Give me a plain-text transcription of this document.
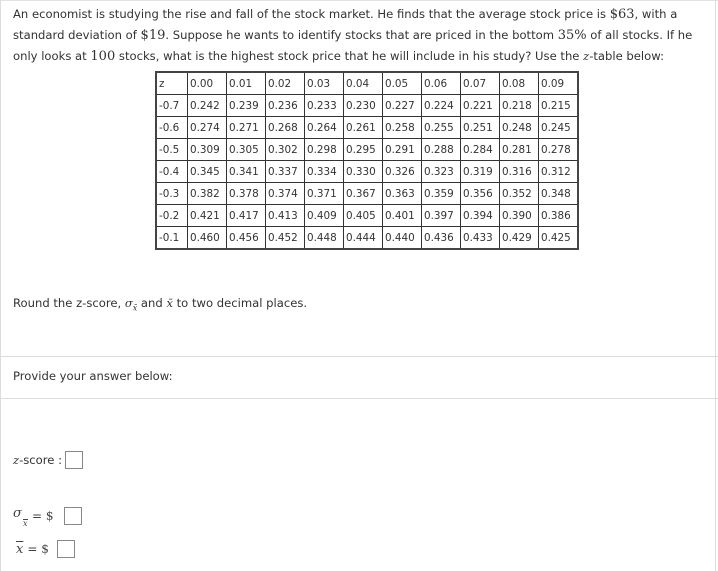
An economist is studying the rise and fall of the stock market. He finds that the average stock price is $63, with a standard deviation of $19. Suppose he wants to identify stocks that are priced in the bottom 35% of all stocks. If he only looks at 100 stocks, what is the highest stock price that he will include in his study? Use the z-table below:
z	0.00	0.01	0.02	0.03	0.04	0.05	0.06	0.07	0.08	0.09
-0.7	0.242	0.239	0.236	0.233	0.230	0.227	0.224	0.221	0.218	0.215
-0.6	0.274	0.271	0.268	0.264	0.261	0.258	0.255	0.251	0.248	0.245
-0.5	0.309	0.305	0.302	0.298	0.295	0.291	0.288	0.284	0.281	0.278
-0.4	0.345	0.341	0.337	0.334	0.330	0.326	0.323	0.319	0.316	0.312
-0.3	0.382	0.378	0.374	0.371	0.367	0.363	0.359	0.356	0.352	0.348
-0.2	0.421	0.417	0.413	0.409	0.405	0.401	0.397	0.394	0.390	0.386
-0.1	0.460	0.456	0.452	0.448	0.444	0.440	0.436	0.433	0.429	0.425
Round the z-score, $\sigma_{x̄}$ and x̄ to two decimal places.
Provide your answer below:
z -score :
σ
x
= $
$\overline{x}$ = $
